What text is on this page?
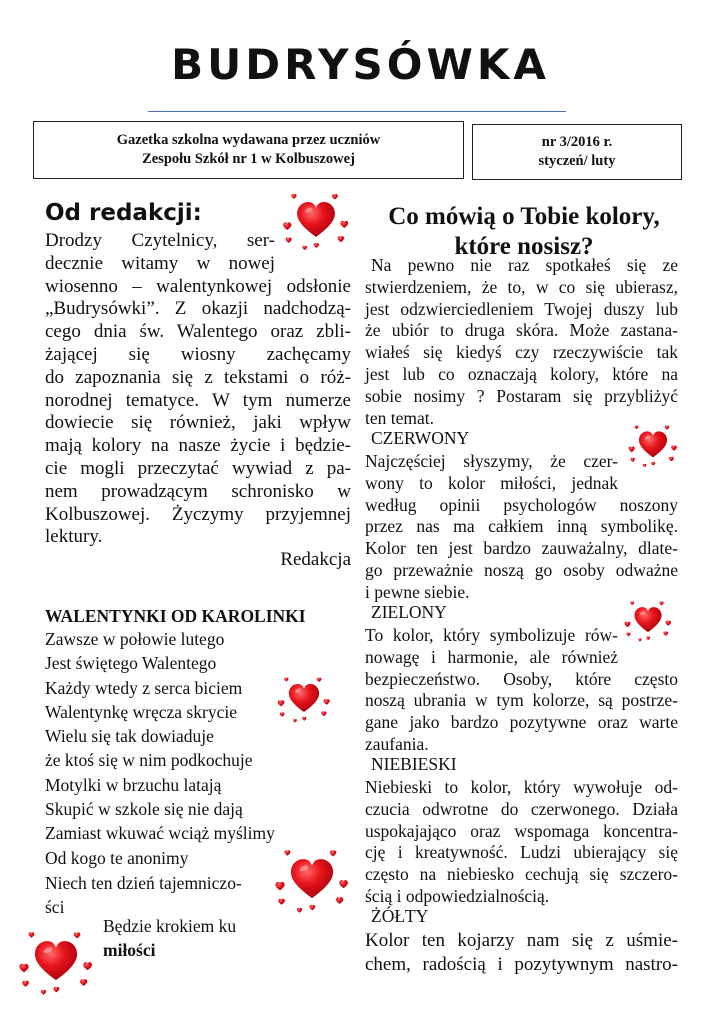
BUDRYSÓWKA
Gazetka szkolna wydawana przez uczniów
Zespołu Szkół nr 1 w Kolbuszowej
nr 3/2016 r.
styczeń/ luty
Od redakcji:
Drodzy Czytelnicy, ser-
decznie witamy w nowej
wiosenno – walentynkowej odsłonie
„Budrysówki”. Z okazji nadchodzą-
cego dnia św. Walentego oraz zbli-
żającej się wiosny zachęcamy
do zapoznania się z tekstami o róż-
norodnej tematyce. W tym numerze
dowiecie się również, jaki wpływ
mają kolory na nasze życie i będzie-
cie mogli przeczytać wywiad z pa-
nem prowadzącym schronisko w
Kolbuszowej. Życzymy przyjemnej
lektury.
Redakcja
WALENTYNKI OD KAROLINKI
Zawsze w połowie lutego
Jest świętego Walentego
Każdy wtedy z serca biciem
Walentynkę wręcza skrycie
Wielu się tak dowiaduje
że ktoś się w nim podkochuje
Motylki w brzuchu latają
Skupić w szkole się nie dają
Zamiast wkuwać wciąż myślimy
Od kogo te anonimy
Niech ten dzień tajemniczo-
ści
Będzie krokiem ku
miłości
Co mówią o Tobie kolory,
które nosisz?
Na pewno nie raz spotkałeś się ze
stwierdzeniem, że to, w co się ubierasz,
jest odzwierciedleniem Twojej duszy lub
że ubiór to druga skóra. Może zastana-
wiałeś się kiedyś czy rzeczywiście tak
jest lub co oznaczają kolory, które na
sobie nosimy ? Postaram się przybliżyć
ten temat.
CZERWONY
Najczęściej słyszymy, że czer-
wony to kolor miłości, jednak
według opinii psychologów noszony
przez nas ma całkiem inną symbolikę.
Kolor ten jest bardzo zauważalny, dlate-
go przeważnie noszą go osoby odważne
i pewne siebie.
ZIELONY
To kolor, który symbolizuje rów-
nowagę i harmonie, ale również
bezpieczeństwo. Osoby, które często
noszą ubrania w tym kolorze, są postrze-
gane jako bardzo pozytywne oraz warte
zaufania.
NIEBIESKI
Niebieski to kolor, który wywołuje od-
czucia odwrotne do czerwonego. Działa
uspokajająco oraz wspomaga koncentra-
cję i kreatywność. Ludzi ubierający się
często na niebiesko cechują się szczero-
ścią i odpowiedzialnością.
ŻÓŁTY
Kolor ten kojarzy nam się z uśmie-
chem, radością i pozytywnym nastro-
